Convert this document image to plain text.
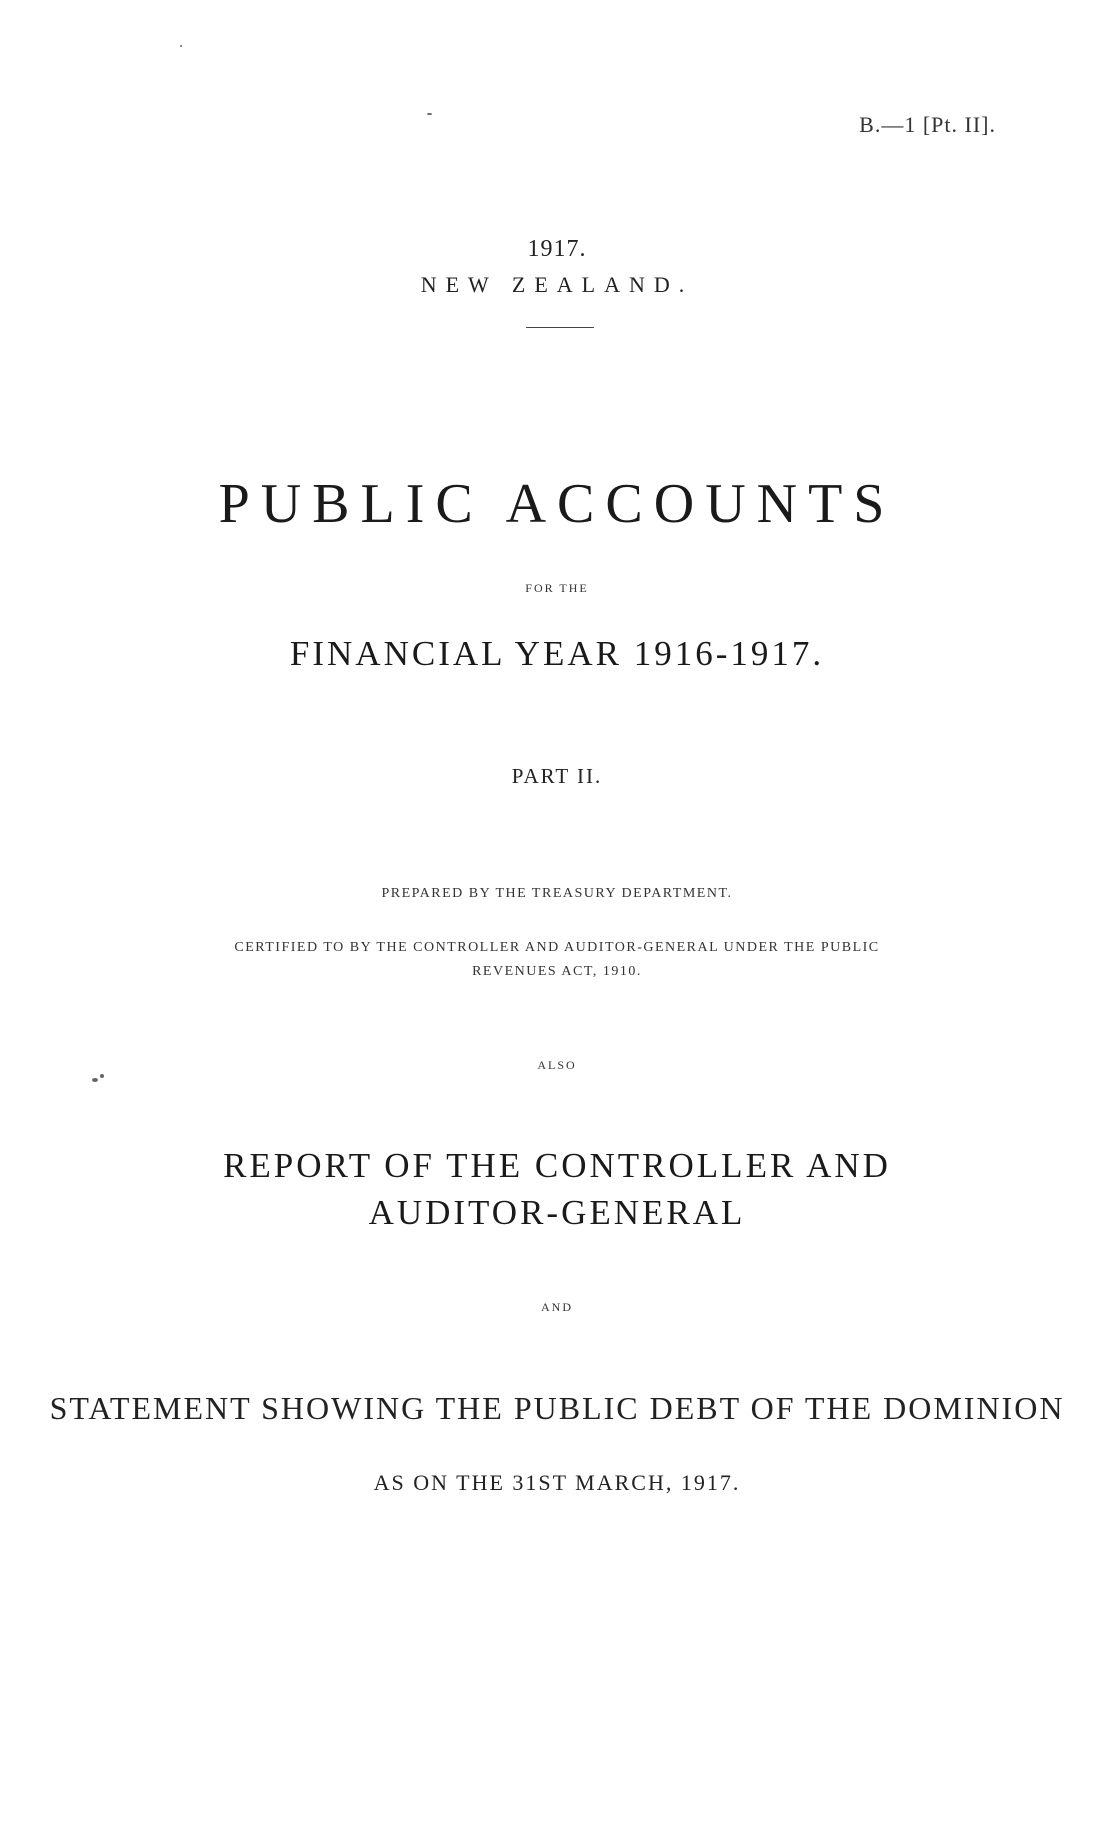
B.—1 [Pt. II].
1917.
NEW ZEALAND.
PUBLIC ACCOUNTS
FOR THE
FINANCIAL YEAR 1916-1917.
PART II.
PREPARED BY THE TREASURY DEPARTMENT.
CERTIFIED TO BY THE CONTROLLER AND AUDITOR-GENERAL UNDER THE PUBLIC
REVENUES ACT, 1910.
ALSO
REPORT OF THE CONTROLLER AND
AUDITOR-GENERAL
AND
STATEMENT SHOWING THE PUBLIC DEBT OF THE DOMINION
AS ON THE 31ST MARCH, 1917.
